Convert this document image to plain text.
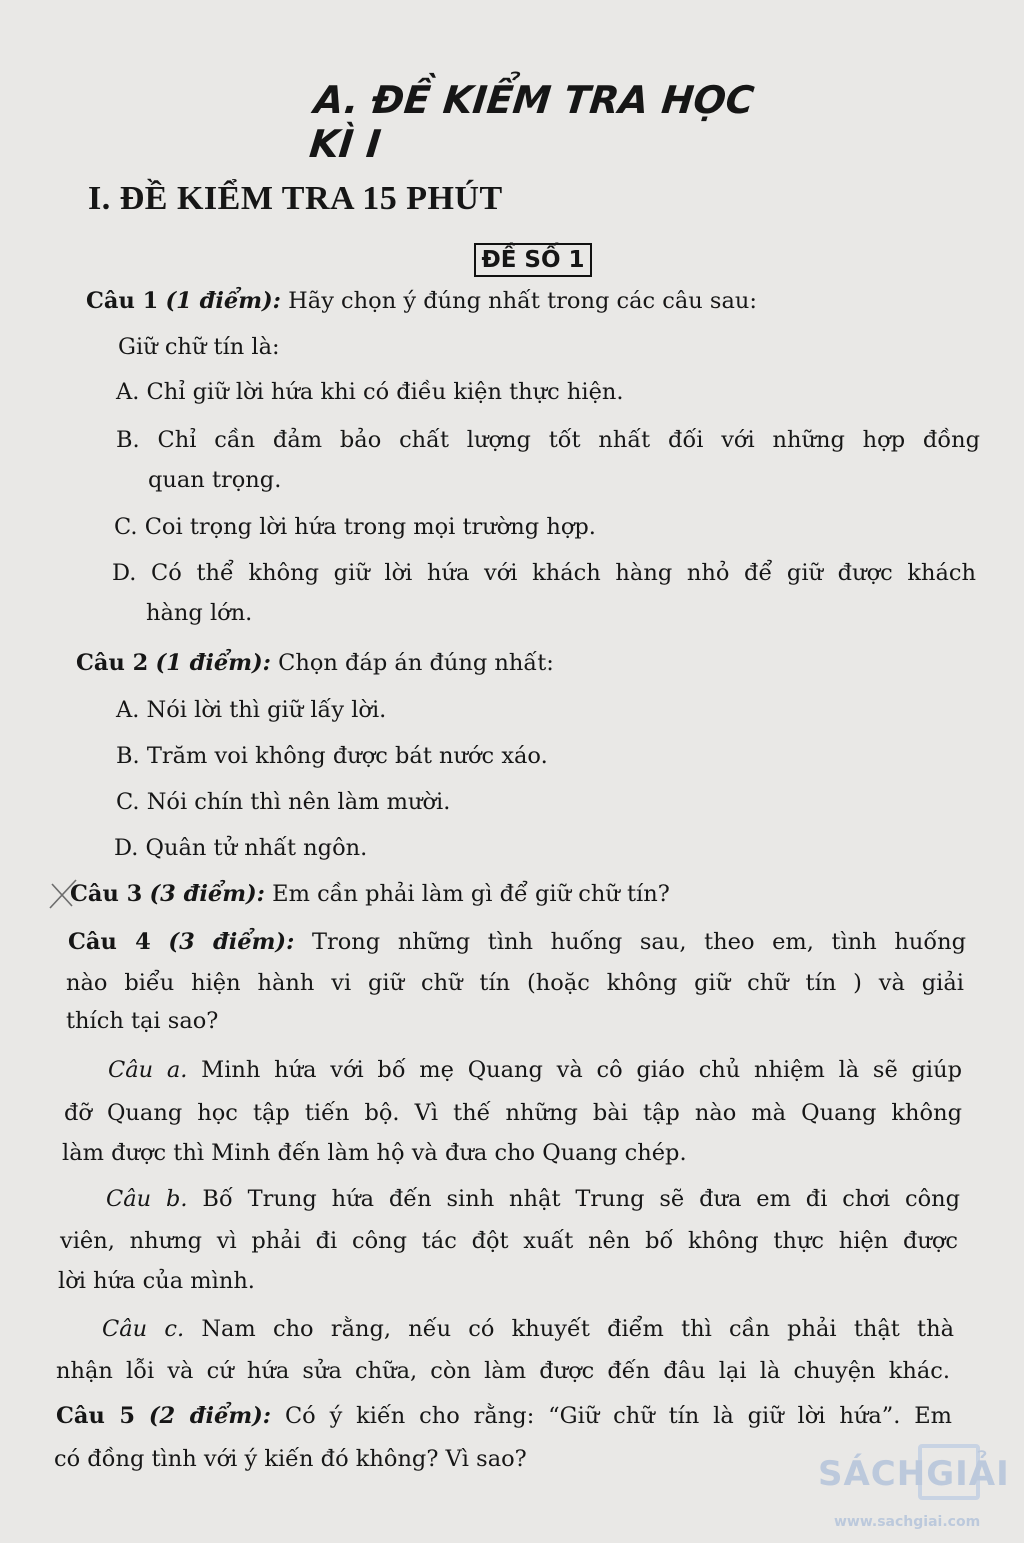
A. ĐỀ KIỂM TRA HỌC KÌ I
I. ĐỀ KIỂM TRA 15 PHÚT
ĐỀ SỐ 1
Câu 1 (1 điểm): Hãy chọn ý đúng nhất trong các câu sau:
Giữ chữ tín là:
A. Chỉ giữ lời hứa khi có điều kiện thực hiện.
B. Chỉ cần đảm bảo chất lượng tốt nhất đối với những hợp đồng
quan trọng.
C. Coi trọng lời hứa trong mọi trường hợp.
D. Có thể không giữ lời hứa với khách hàng nhỏ để giữ được khách
hàng lớn.
Câu 2 (1 điểm): Chọn đáp án đúng nhất:
A. Nói lời thì giữ lấy lời.
B. Trăm voi không được bát nước xáo.
C. Nói chín thì nên làm mười.
D. Quân tử nhất ngôn.
Câu 3 (3 điểm): Em cần phải làm gì để giữ chữ tín?
Câu 4 (3 điểm): Trong những tình huống sau, theo em, tình huống
nào biểu hiện hành vi giữ chữ tín (hoặc không giữ chữ tín ) và giải
thích tại sao?
Câu a. Minh hứa với bố mẹ Quang và cô giáo chủ nhiệm là sẽ giúp
đỡ Quang học tập tiến bộ. Vì thế những bài tập nào mà Quang không
làm được thì Minh đến làm hộ và đưa cho Quang chép.
Câu b. Bố Trung hứa đến sinh nhật Trung sẽ đưa em đi chơi công
viên, nhưng vì phải đi công tác đột xuất nên bố không thực hiện được
lời hứa của mình.
Câu c. Nam cho rằng, nếu có khuyết điểm thì cần phải thật thà
nhận lỗi và cứ hứa sửa chữa, còn làm được đến đâu lại là chuyện khác.
Câu 5 (2 điểm): Có ý kiến cho rằng: “Giữ chữ tín là giữ lời hứa”. Em
có đồng tình với ý kiến đó không? Vì sao?	SÁCHGIẢI
www.sachgiai.com
